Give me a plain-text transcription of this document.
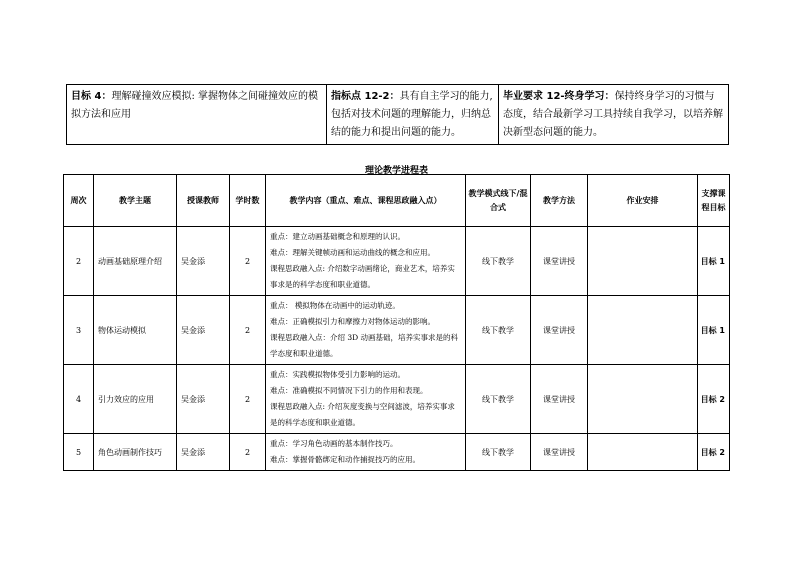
目标 4：理解碰撞效应模拟: 掌握物体之间碰撞效应的模拟方法和应用	指标点 12-2：具有自主学习的能力, 包括对技术问题的理解能力，归纳总结的能力和提出问题的能力。	毕业要求 12-终身学习：保持终身学习的习惯与态度，结合最新学习工具持续自我学习，以培养解决新型态问题的能力。
理论教学进程表
周次	教学主题	授课教师	学时数	教学内容（重点、难点、课程思政融入点）	教学模式线下/混合式	教学方法	作业安排	支撑课程目标
2	动画基础原理介绍	吴金添	2	重点：建立动画基础概念和原理的认识。
难点：理解关键帧动画和运动曲线的概念和应用。
课程思政融入点: 介绍数字动画绪论，商业艺术，培养实事求是的科学态度和职业道德。	线下教学	课堂讲授		目标 1
3	物体运动模拟	吴金添	2	重点： 模拟物体在动画中的运动轨迹。
难点：正确模拟引力和摩擦力对物体运动的影响。
课程思政融入点：介绍 3D 动画基础，培养实事求是的科学态度和职业道德。	线下教学	课堂讲授		目标 1
4	引力效应的应用	吴金添	2	重点：实践模拟物体受引力影响的运动。
难点：准确模拟不同情况下引力的作用和表现。
课程思政融入点: 介绍灰度变换与空间滤波，培养实事求是的科学态度和职业道德。	线下教学	课堂讲授		目标 2
5	角色动画制作技巧	吴金添	2	重点：学习角色动画的基本制作技巧。
难点：掌握骨骼绑定和动作捕捉技巧的应用。	线下教学	课堂讲授		目标 2
